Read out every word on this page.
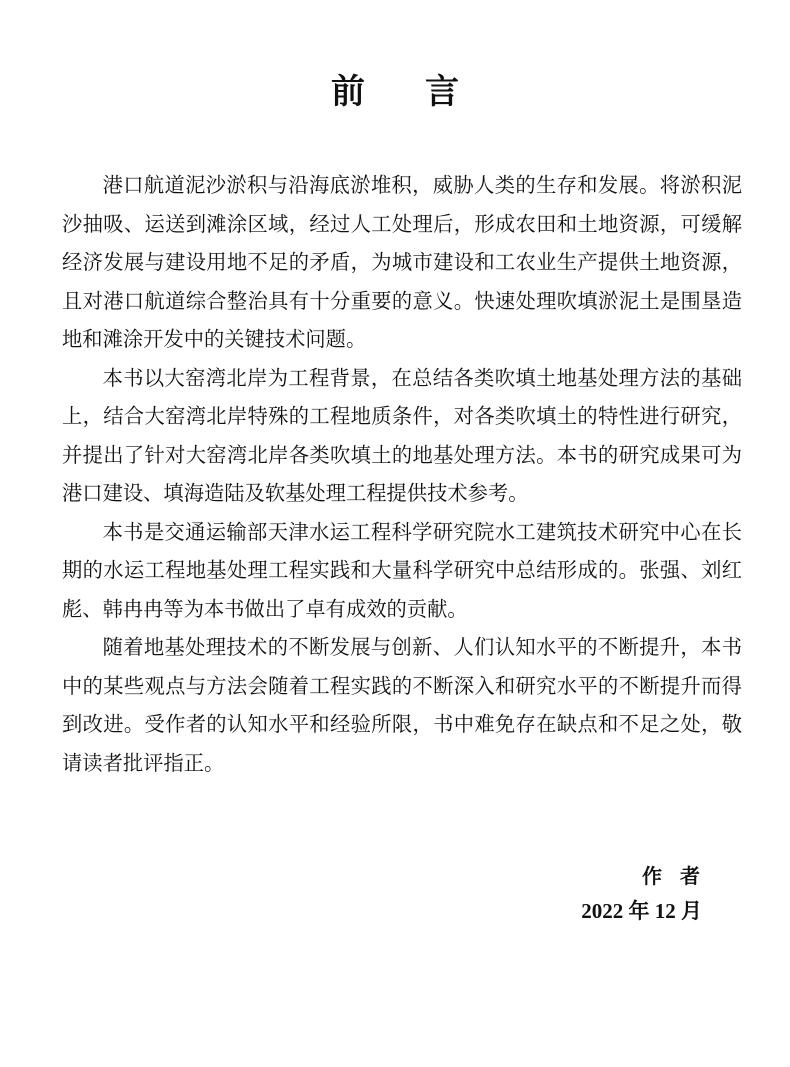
前言

港口航道泥沙淤积与沿海底淤堆积，威胁人类的生存和发展。将淤积泥沙抽吸、运送到滩涂区域，经过人工处理后，形成农田和土地资源，可缓解经济发展与建设用地不足的矛盾，为城市建设和工农业生产提供土地资源，且对港口航道综合整治具有十分重要的意义。快速处理吹填淤泥土是围垦造地和滩涂开发中的关键技术问题。

本书以大窑湾北岸为工程背景，在总结各类吹填土地基处理方法的基础上，结合大窑湾北岸特殊的工程地质条件，对各类吹填土的特性进行研究，并提出了针对大窑湾北岸各类吹填土的地基处理方法。本书的研究成果可为港口建设、填海造陆及软基处理工程提供技术参考。

本书是交通运输部天津水运工程科学研究院水工建筑技术研究中心在长期的水运工程地基处理工程实践和大量科学研究中总结形成的。张强、刘红彪、韩冉冉等为本书做出了卓有成效的贡献。

随着地基处理技术的不断发展与创新、人们认知水平的不断提升，本书中的某些观点与方法会随着工程实践的不断深入和研究水平的不断提升而得到改进。受作者的认知水平和经验所限，书中难免存在缺点和不足之处，敬请读者批评指正。

作者
2022 年 12 月
